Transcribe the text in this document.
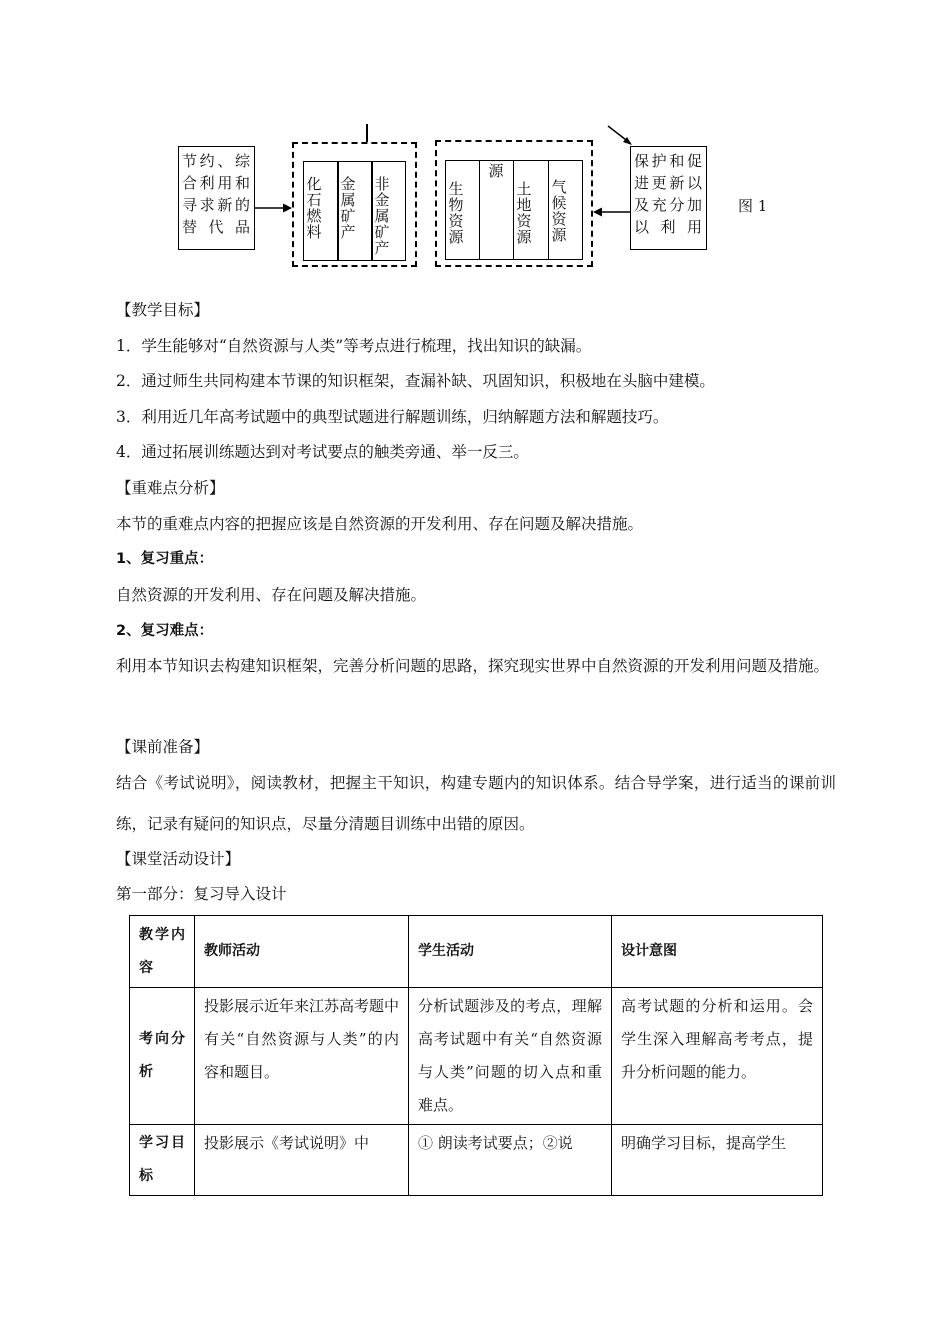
节约、综合利用和寻求新的替代品
化石燃料
金属矿产
非金属矿产
生物资源
源
土地资源
气候资源
保护和促进更新以及充分加以利用
图 1
【教学目标】
1．学生能够对“自然资源与人类”等考点进行梳理，找出知识的缺漏。
2．通过师生共同构建本节课的知识框架，查漏补缺、巩固知识，积极地在头脑中建模。
3．利用近几年高考试题中的典型试题进行解题训练，归纳解题方法和解题技巧。
4．通过拓展训练题达到对考试要点的触类旁通、举一反三。
【重难点分析】
本节的重难点内容的把握应该是自然资源的开发利用、存在问题及解决措施。
1、复习重点：
自然资源的开发利用、存在问题及解决措施。
2、复习难点：
利用本节知识去构建知识框架，完善分析问题的思路，探究现实世界中自然资源的开发利用问题及措施。
【课前准备】
结合《考试说明》，阅读教材，把握主干知识，构建专题内的知识体系。结合导学案，进行适当的课前训练，记录有疑问的知识点，尽量分清题目训练中出错的原因。
【课堂活动设计】
第一部分：复习导入设计
教学内容	教师活动	学生活动	设计意图
考向分析	投影展示近年来江苏高考题中有关“自然资源与人类”的内容和题目。	分析试题涉及的考点，理解高考试题中有关“自然资源与人类”问题的切入点和重难点。	高考试题的分析和运用。会学生深入理解高考考点，提升分析问题的能力。
学习目标	投影展示《考试说明》中	① 朗读考试要点；②说	明确学习目标，提高学生
